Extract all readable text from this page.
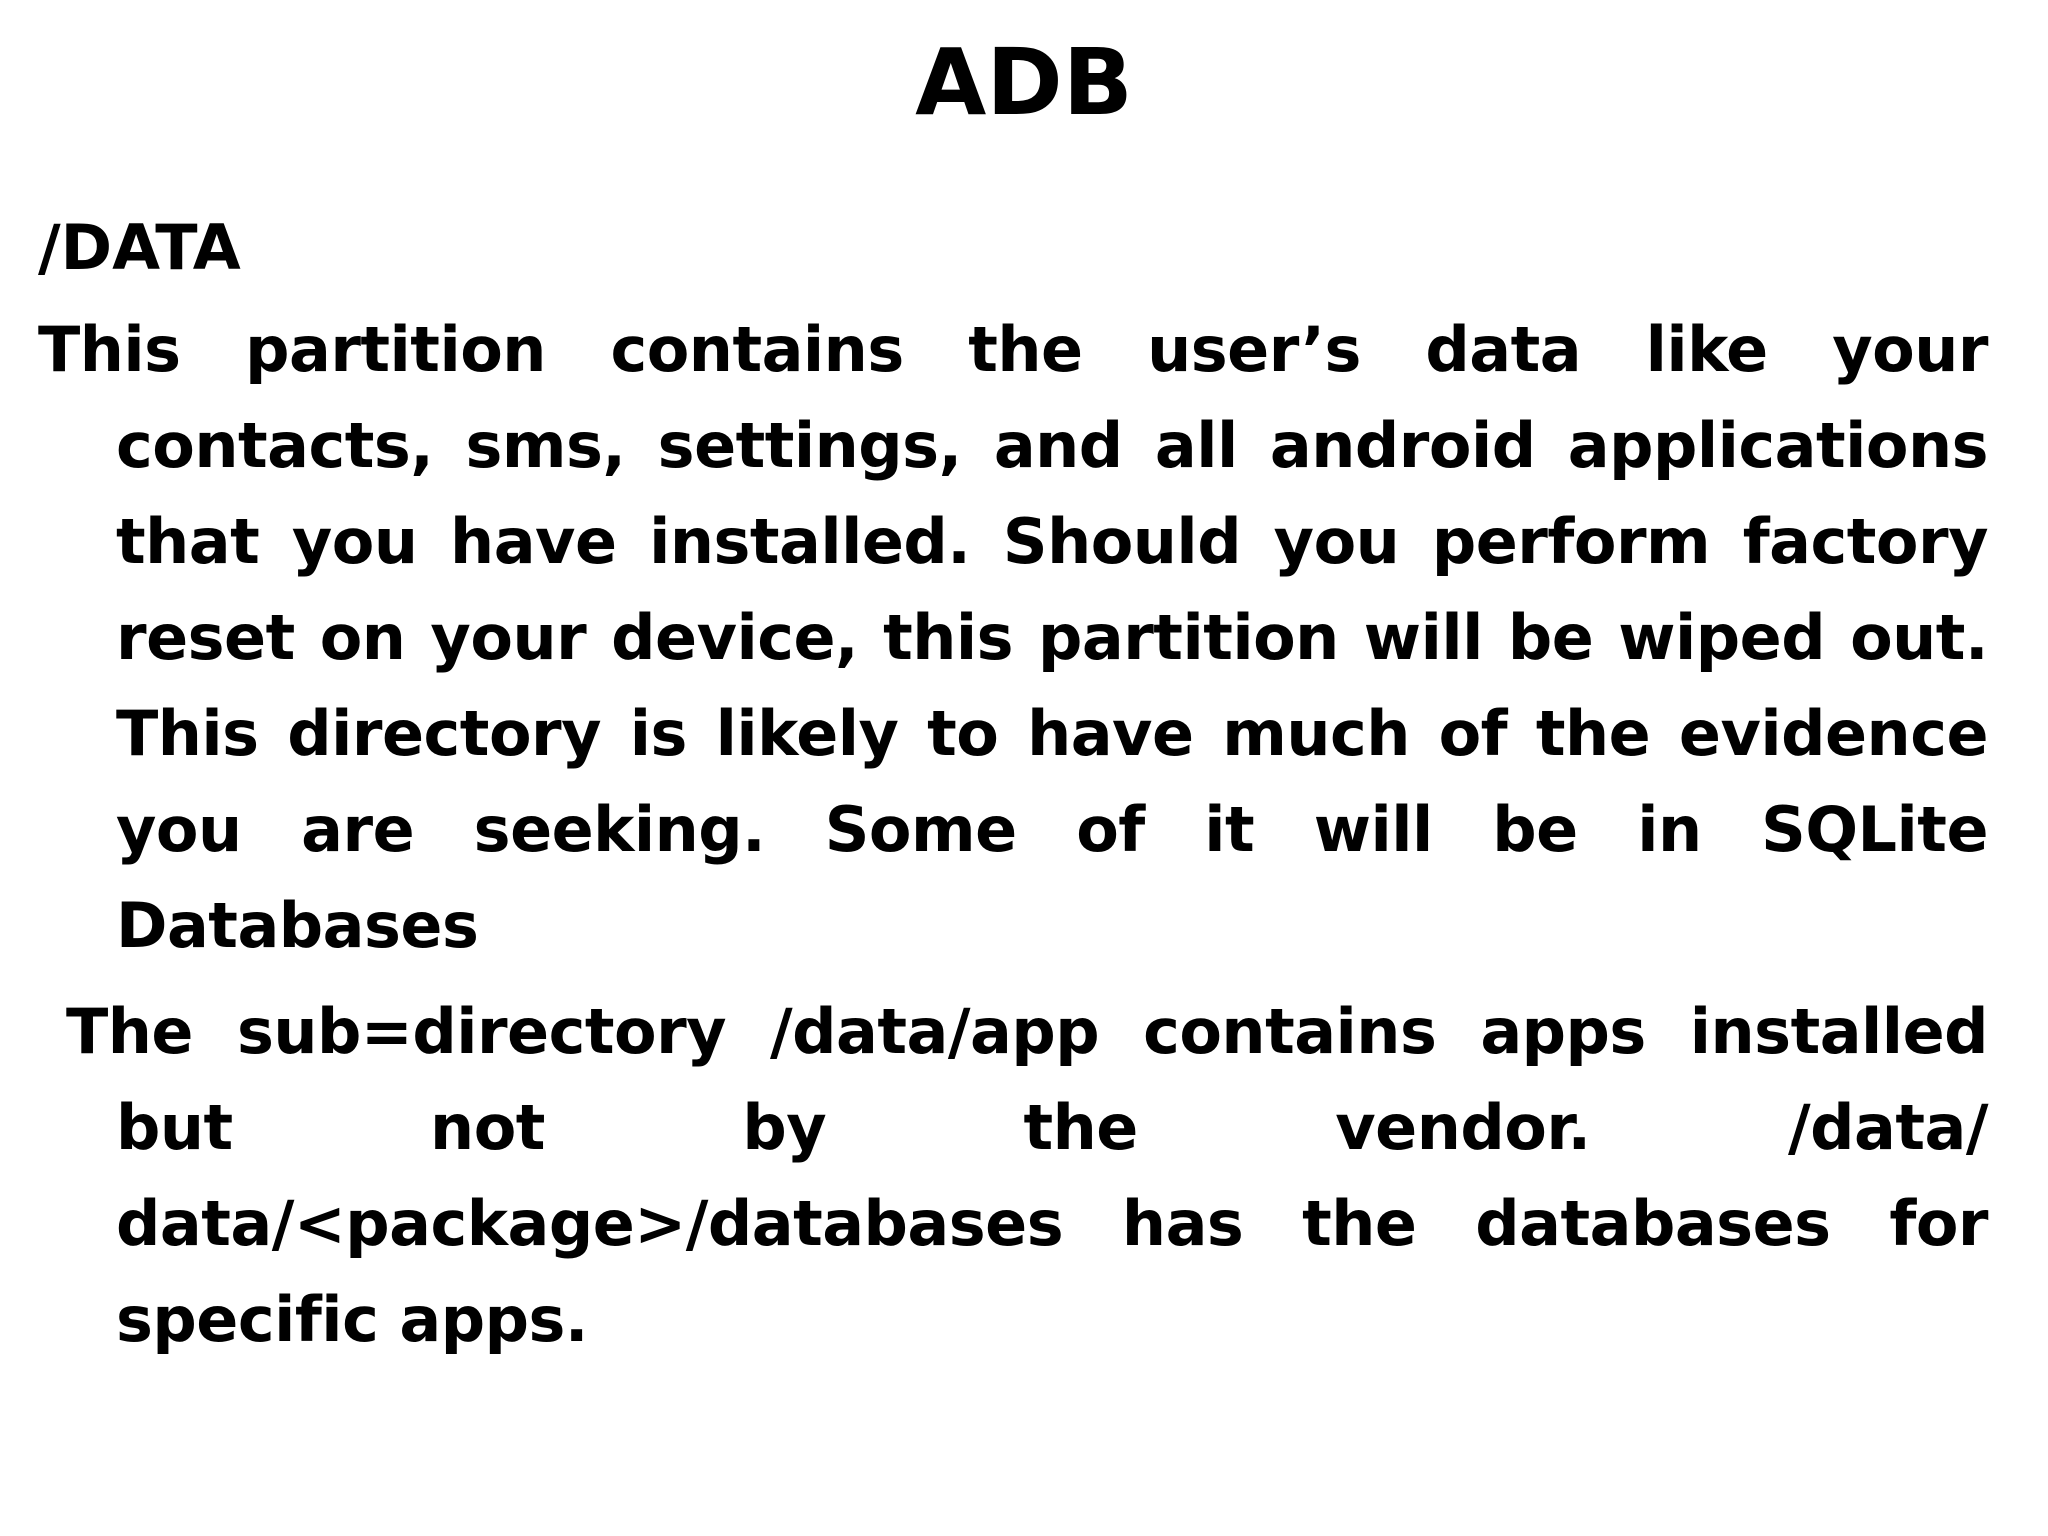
ADB
/DATA

This partition contains the user’s data like your contacts, sms, settings, and all android applications that you have installed. Should you perform factory reset on your device, this partition will be wiped out. This directory is likely to have much of the evidence you are seeking. Some of it will be in SQLite Databases

The sub=directory /data/app contains apps installed but not by the vendor. /data/ data/<package>/databases has the databases for specific apps.
